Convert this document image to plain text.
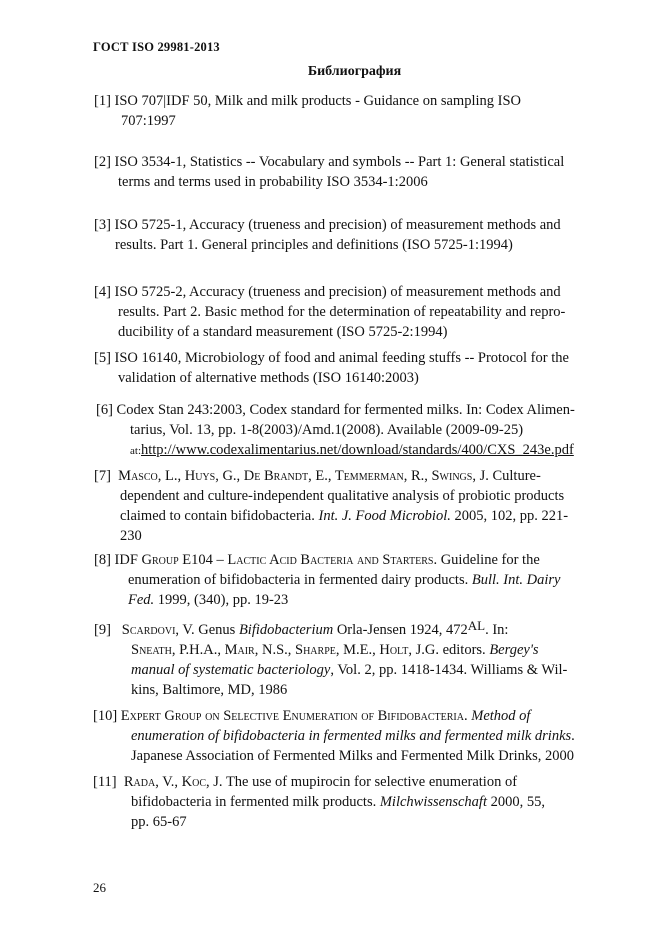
ГОСТ ISO 29981-2013
Библиография
[1] ISO 707|IDF 50, Milk and milk products - Guidance on sampling ISO
707:1997
[2] ISO 3534-1, Statistics -- Vocabulary and symbols -- Part 1: General statistical
terms and terms used in probability ISO 3534-1:2006
[3] ISO 5725-1, Accuracy (trueness and precision) of measurement methods and
results. Part 1. General principles and definitions (ISO 5725-1:1994)
[4] ISO 5725-2, Accuracy (trueness and precision) of measurement methods and
results. Part 2. Basic method for the determination of repeatability and repro-
ducibility of a standard measurement (ISO 5725-2:1994)
[5] ISO 16140, Microbiology of food and animal feeding stuffs -- Protocol for the
validation of alternative methods (ISO 16140:2003)
[6] Codex Stan 243:2003, Codex standard for fermented milks. In: Codex Alimen-
tarius, Vol. 13, pp. 1-8(2003)/Amd.1(2008). Available (2009-09-25)
at:http://www.codexalimentarius.net/download/standards/400/CXS_243e.pdf
[7] Masco, L., Huys, G., De Brandt, E., Temmerman, R., Swings, J. Culture-
dependent and culture-independent qualitative analysis of probiotic products
claimed to contain bifidobacteria. Int. J. Food Microbiol. 2005, 102, pp. 221-
230
[8] IDF Group E104 – Lactic Acid Bacteria and Starters. Guideline for the
enumeration of bifidobacteria in fermented dairy products. Bull. Int. Dairy
Fed. 1999, (340), pp. 19-23
[9] Scardovi, V. Genus Bifidobacterium Orla-Jensen 1924, 472AL. In:
Sneath, P.H.A., Mair, N.S., Sharpe, M.E., Holt, J.G. editors. Bergey's
manual of systematic bacteriology, Vol. 2, pp. 1418-1434. Williams & Wil-
kins, Baltimore, MD, 1986
[10] Expert Group on Selective Enumeration of Bifidobacteria. Method of
enumeration of bifidobacteria in fermented milks and fermented milk drinks.
Japanese Association of Fermented Milks and Fermented Milk Drinks, 2000
[11] Rada, V., Koc, J. The use of mupirocin for selective enumeration of
bifidobacteria in fermented milk products. Milchwissenschaft 2000, 55,
pp. 65-67
26
